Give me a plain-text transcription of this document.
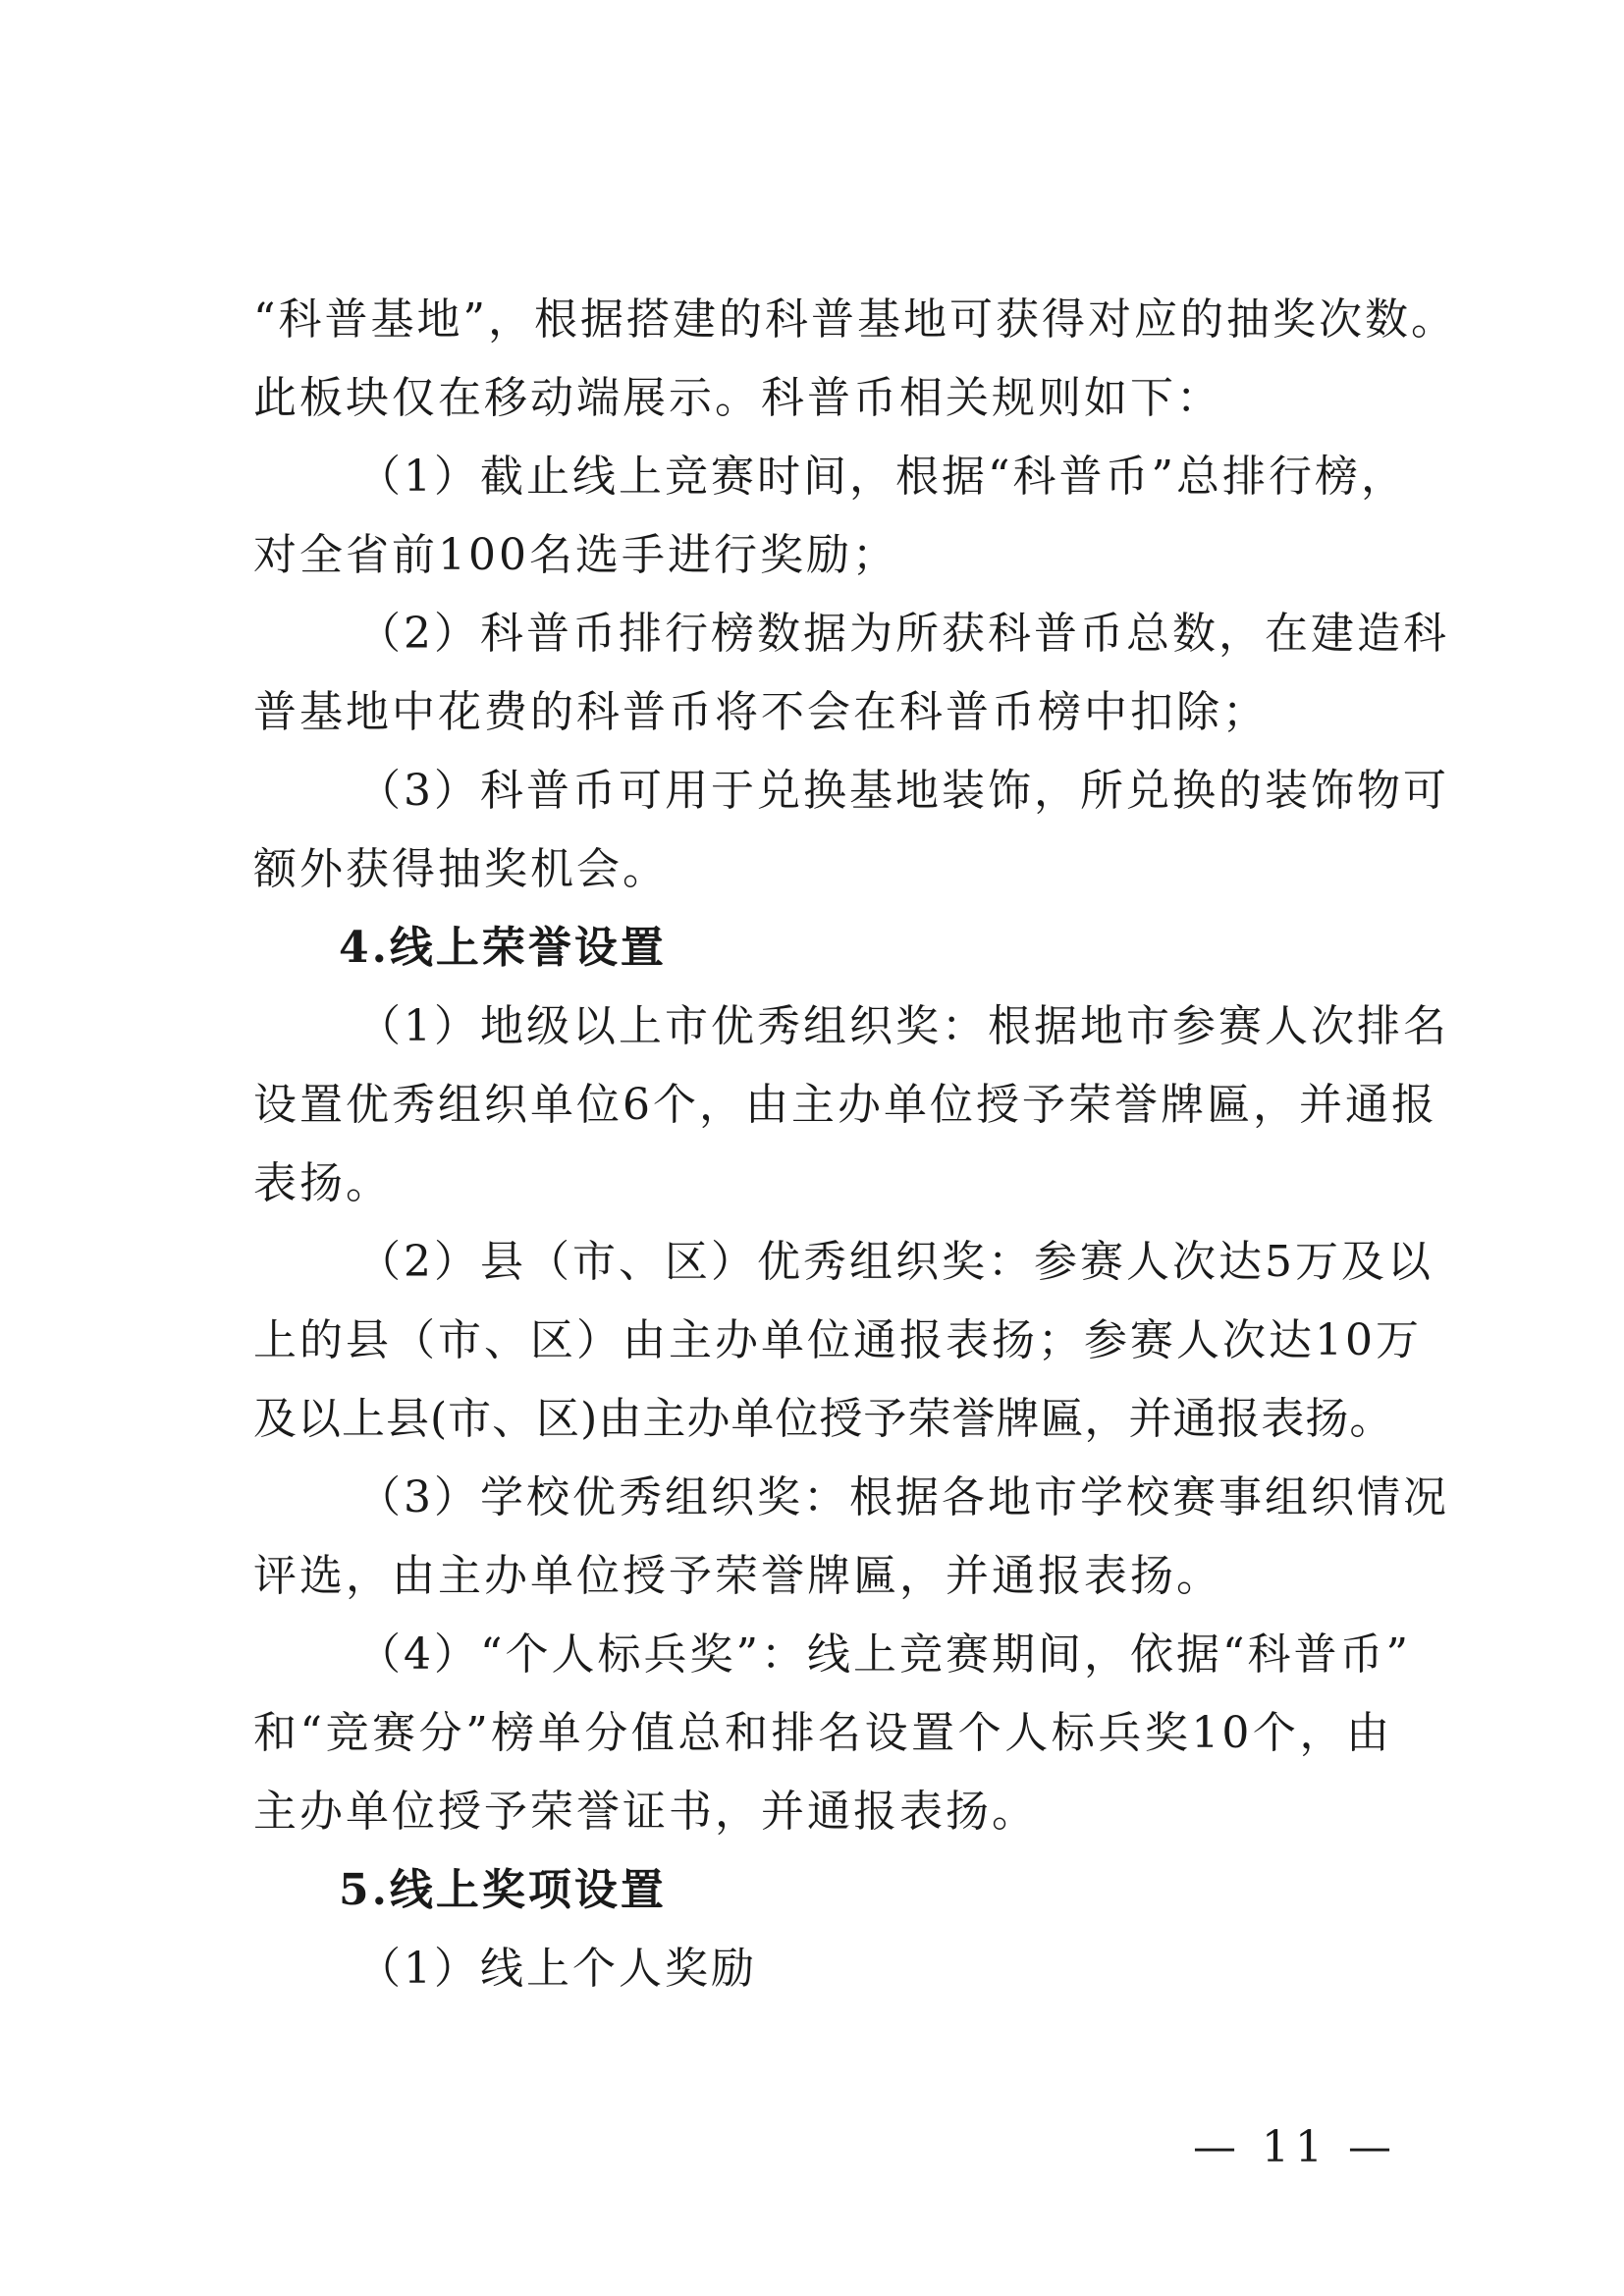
“科普基地”，根据搭建的科普基地可获得对应的抽奖次数。
此板块仅在移动端展示。科普币相关规则如下：
（1）截止线上竞赛时间，根据“科普币”总排行榜，
对全省前100名选手进行奖励；
（2）科普币排行榜数据为所获科普币总数，在建造科
普基地中花费的科普币将不会在科普币榜中扣除；
（3）科普币可用于兑换基地装饰，所兑换的装饰物可
额外获得抽奖机会。
4.线上荣誉设置
（1）地级以上市优秀组织奖：根据地市参赛人次排名
设置优秀组织单位6个，由主办单位授予荣誉牌匾，并通报
表扬。
（2）县（市、区）优秀组织奖：参赛人次达5万及以
上的县（市、区）由主办单位通报表扬；参赛人次达10万
及以上县(市、区)由主办单位授予荣誉牌匾，并通报表扬。
（3）学校优秀组织奖：根据各地市学校赛事组织情况
评选，由主办单位授予荣誉牌匾，并通报表扬。
（4）“个人标兵奖”：线上竞赛期间，依据“科普币”
和“竞赛分”榜单分值总和排名设置个人标兵奖10个，由
主办单位授予荣誉证书，并通报表扬。
5.线上奖项设置
（1）线上个人奖励
— 11 —
